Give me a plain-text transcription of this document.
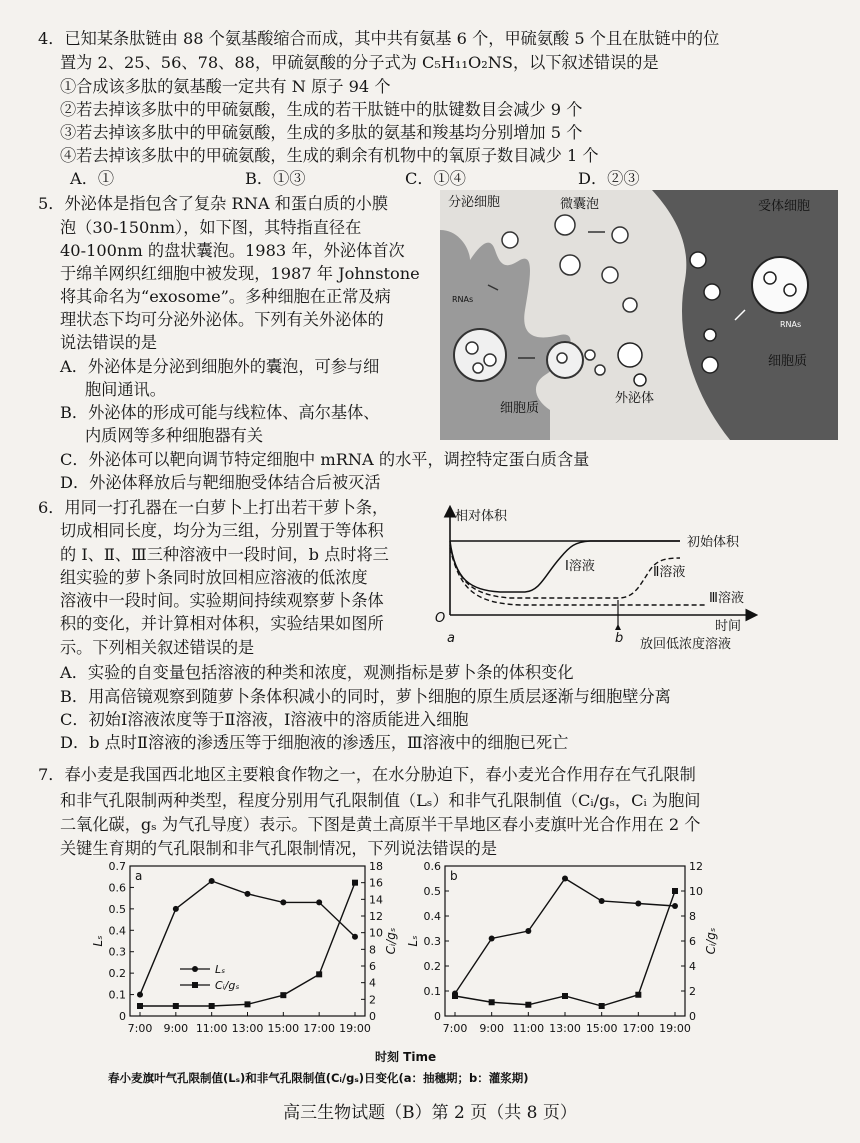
4．已知某条肽链由 88 个氨基酸缩合而成，其中共有氨基 6 个，甲硫氨酸 5 个且在肽链中的位
置为 2、25、56、78、88，甲硫氨酸的分子式为 C₅H₁₁O₂NS，以下叙述错误的是
①合成该多肽的氨基酸一定共有 N 原子 94 个
②若去掉该多肽中的甲硫氨酸，生成的若干肽链中的肽键数目会减少 9 个
③若去掉该多肽中的甲硫氨酸，生成的多肽的氨基和羧基均分别增加 5 个
④若去掉该多肽中的甲硫氨酸，生成的剩余有机物中的氧原子数目减少 1 个
A．①	B．①③	C．①④	D．②③
5．外泌体是指包含了复杂 RNA 和蛋白质的小膜
泡（30-150nm），如下图，其特指直径在
40-100nm 的盘状囊泡。1983 年，外泌体首次
于绵羊网织红细胞中被发现，1987 年 Johnstone
将其命名为“exosome”。多种细胞在正常及病
理状态下均可分泌外泌体。下列有关外泌体的
说法错误的是
A．外泌体是分泌到细胞外的囊泡，可参与细
胞间通讯。
B．外泌体的形成可能与线粒体、高尔基体、
内质网等多种细胞器有关
C．外泌体可以靶向调节特定细胞中 mRNA 的水平，调控特定蛋白质含量
D．外泌体释放后与靶细胞受体结合后被灭活
分泌细胞	微囊泡	受体细胞
RNAs
RNAs
细胞质
细胞质
外泌体
6．用同一打孔器在一白萝卜上打出若干萝卜条，
切成相同长度，均分为三组，分别置于等体积
的 Ⅰ、Ⅱ、Ⅲ三种溶液中一段时间，b 点时将三
组实验的萝卜条同时放回相应溶液的低浓度
溶液中一段时间。实验期间持续观察萝卜条体
积的变化，并计算相对体积，实验结果如图所
示。下列相关叙述错误的是
A．实验的自变量包括溶液的种类和浓度，观测指标是萝卜条的体积变化
B．用高倍镜观察到随萝卜条体积减小的同时，萝卜细胞的原生质层逐渐与细胞壁分离
C．初始Ⅰ溶液浓度等于Ⅱ溶液，Ⅰ溶液中的溶质能进入细胞
D．b 点时Ⅱ溶液的渗透压等于细胞液的渗透压，Ⅲ溶液中的细胞已死亡
相对体积
时间
O
a	b
初始体积
Ⅰ溶液	Ⅱ溶液
Ⅲ溶液
放回低浓度溶液
7．春小麦是我国西北地区主要粮食作物之一，在水分胁迫下，春小麦光合作用存在气孔限制
和非气孔限制两种类型，程度分别用气孔限制值（Lₛ）和非气孔限制值（Cᵢ/gₛ，Cᵢ 为胞间
二氧化碳，gₛ 为气孔导度）表示。下图是黄土高原半干旱地区春小麦旗叶光合作用在 2 个
关键生育期的气孔限制和非气孔限制情况，下列说法错误的是
a
0
0.1
0.2
0.3
0.4
0.5
0.6
0.7
0
2
4
6
8
10
12
14
16
18
7:00 9:00 11:00 13:00 15:00 17:00 19:00
Lₛ	Cᵢ/gₛ
Lₛ
Cᵢ/gₛ
b
0
0.1
0.2
0.3
0.4
0.5
0.6
0
2
4
6
8
10
12
7:00 9:00 11:00 13:00 15:00 17:00 19:00
Lₛ	Cᵢ/gₛ
时刻 Time
春小麦旗叶气孔限制值(Lₛ)和非气孔限制值(Cᵢ/gₛ)日变化(a：抽穗期；b：灌浆期)
高三生物试题（B）第 2 页（共 8 页）
